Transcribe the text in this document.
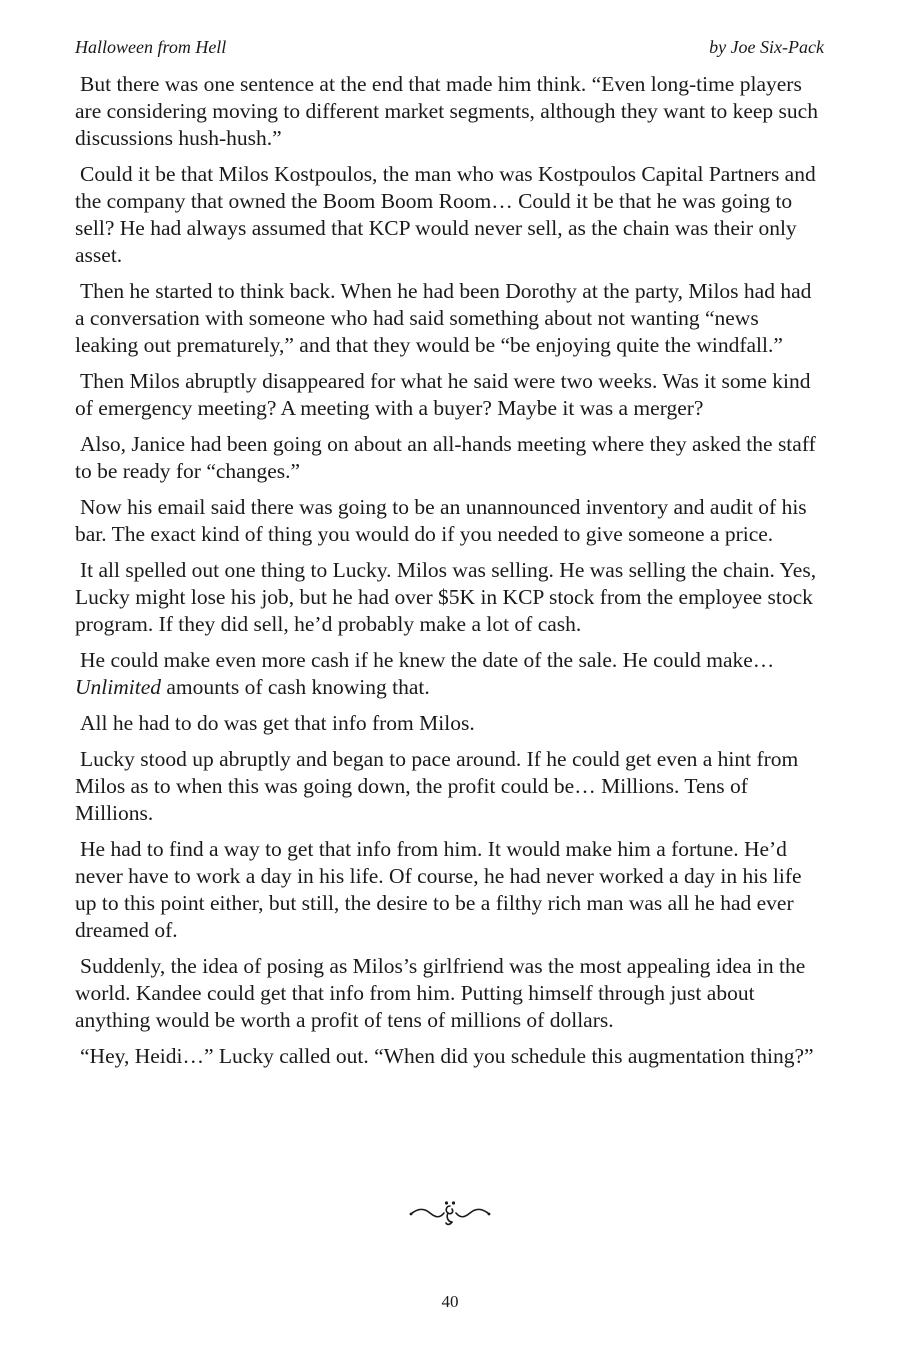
Halloween from Hell	by Joe Six-Pack

But there was one sentence at the end that made him think. “Even long-time players are considering moving to different market segments, although they want to keep such discussions hush-hush.”

Could it be that Milos Kostpoulos, the man who was Kostpoulos Capital Partners and the company that owned the Boom Boom Room… Could it be that he was going to sell? He had always assumed that KCP would never sell, as the chain was their only asset.

Then he started to think back. When he had been Dorothy at the party, Milos had had a conversation with someone who had said something about not wanting “news leaking out prematurely,” and that they would be “be enjoying quite the windfall.”

Then Milos abruptly disappeared for what he said were two weeks. Was it some kind of emergency meeting? A meeting with a buyer? Maybe it was a merger?

Also, Janice had been going on about an all-hands meeting where they asked the staff to be ready for “changes.”

Now his email said there was going to be an unannounced inventory and audit of his bar. The exact kind of thing you would do if you needed to give someone a price.

It all spelled out one thing to Lucky. Milos was selling. He was selling the chain. Yes, Lucky might lose his job, but he had over $5K in KCP stock from the employee stock program. If they did sell, he’d probably make a lot of cash.

He could make even more cash if he knew the date of the sale. He could make… Unlimited amounts of cash knowing that.

All he had to do was get that info from Milos.

Lucky stood up abruptly and began to pace around. If he could get even a hint from Milos as to when this was going down, the profit could be… Millions. Tens of Millions.

He had to find a way to get that info from him. It would make him a fortune. He’d never have to work a day in his life. Of course, he had never worked a day in his life up to this point either, but still, the desire to be a filthy rich man was all he had ever dreamed of.

Suddenly, the idea of posing as Milos’s girlfriend was the most appealing idea in the world. Kandee could get that info from him. Putting himself through just about anything would be worth a profit of tens of millions of dollars.

“Hey, Heidi…” Lucky called out. “When did you schedule this augmentation thing?”

40
